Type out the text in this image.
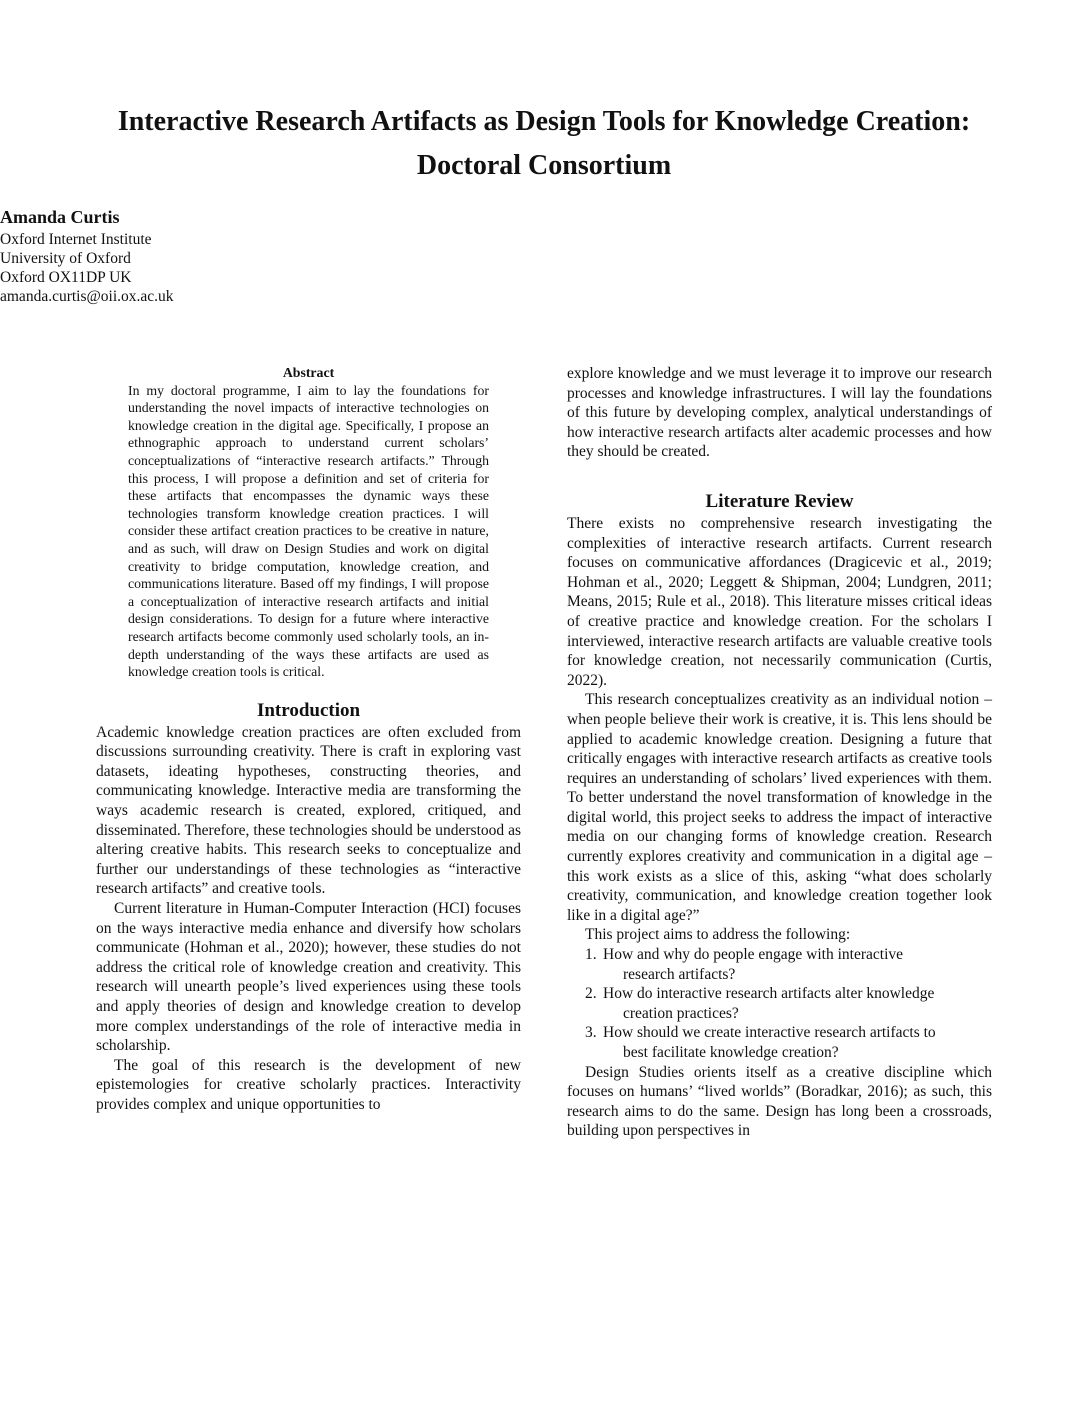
Interactive Research Artifacts as Design Tools for Knowledge Creation:
Doctoral Consortium

Amanda Curtis

Oxford Internet Institute

University of Oxford

Oxford OX11DP UK

amanda.curtis@oii.ox.ac.uk

Abstract

In my doctoral programme, I aim to lay the foundations for understanding the novel impacts of interactive technologies on knowledge creation in the digital age. Specifically, I propose an ethnographic approach to understand current scholars’ conceptualizations of “interactive research artifacts.” Through this process, I will propose a definition and set of criteria for these artifacts that encompasses the dynamic ways these technologies transform knowledge creation practices. I will consider these artifact creation practices to be creative in nature, and as such, will draw on Design Studies and work on digital creativity to bridge computation, knowledge creation, and communications literature. Based off my findings, I will propose a conceptualization of interactive research artifacts and initial design considerations. To design for a future where interactive research artifacts become commonly used scholarly tools, an in-depth understanding of the ways these artifacts are used as knowledge creation tools is critical.

Introduction

Academic knowledge creation practices are often excluded from discussions surrounding creativity. There is craft in exploring vast datasets, ideating hypotheses, constructing theories, and communicating knowledge. Interactive media are transforming the ways academic research is created, explored, critiqued, and disseminated. Therefore, these technologies should be understood as altering creative habits. This research seeks to conceptualize and further our understandings of these technologies as “interactive research artifacts” and creative tools.

Current literature in Human-Computer Interaction (HCI) focuses on the ways interactive media enhance and diversify how scholars communicate (Hohman et al., 2020); however, these studies do not address the critical role of knowledge creation and creativity. This research will unearth people’s lived experiences using these tools and apply theories of design and knowledge creation to develop more complex understandings of the role of interactive media in scholarship.

The goal of this research is the development of new epistemologies for creative scholarly practices. Interactivity provides complex and unique opportunities to

explore knowledge and we must leverage it to improve our research processes and knowledge infrastructures. I will lay the foundations of this future by developing complex, analytical understandings of how interactive research artifacts alter academic processes and how they should be created.

Literature Review

There exists no comprehensive research investigating the complexities of interactive research artifacts. Current research focuses on communicative affordances (Dragicevic et al., 2019; Hohman et al., 2020; Leggett & Shipman, 2004; Lundgren, 2011; Means, 2015; Rule et al., 2018). This literature misses critical ideas of creative practice and knowledge creation. For the scholars I interviewed, interactive research artifacts are valuable creative tools for knowledge creation, not necessarily communication (Curtis, 2022).

This research conceptualizes creativity as an individual notion – when people believe their work is creative, it is. This lens should be applied to academic knowledge creation. Designing a future that critically engages with interactive research artifacts as creative tools requires an understanding of scholars’ lived experiences with them. To better understand the novel transformation of knowledge in the digital world, this project seeks to address the impact of interactive media on our changing forms of knowledge creation. Research currently explores creativity and communication in a digital age – this work exists as a slice of this, asking “what does scholarly creativity, communication, and knowledge creation together look like in a digital age?”

This project aims to address the following:

1. How and why do people engage with interactive
research artifacts?
2. How do interactive research artifacts alter knowledge
creation practices?
3. How should we create interactive research artifacts to
best facilitate knowledge creation?

Design Studies orients itself as a creative discipline which focuses on humans’ “lived worlds” (Boradkar, 2016); as such, this research aims to do the same. Design has long been a crossroads, building upon perspectives in
